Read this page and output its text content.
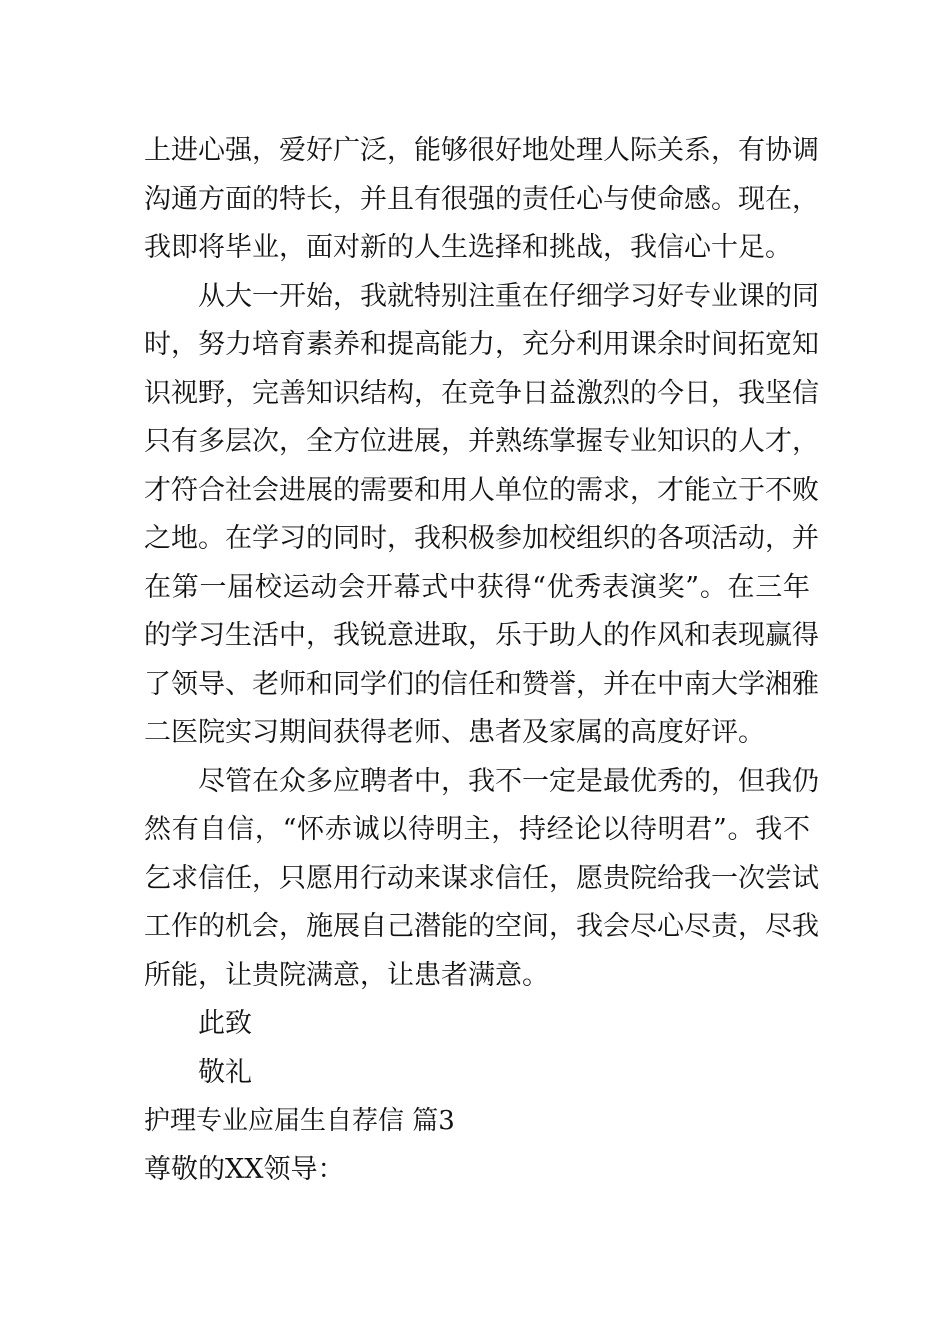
上进心强，爱好广泛，能够很好地处理人际关系，有协调
沟通方面的特长，并且有很强的责任心与使命感。现在，
我即将毕业，面对新的人生选择和挑战，我信心十足。
从大一开始，我就特别注重在仔细学习好专业课的同
时，努力培育素养和提高能力，充分利用课余时间拓宽知
识视野，完善知识结构，在竞争日益激烈的今日，我坚信
只有多层次，全方位进展，并熟练掌握专业知识的人才，
才符合社会进展的需要和用人单位的需求，才能立于不败
之地。在学习的同时，我积极参加校组织的各项活动，并
在第一届校运动会开幕式中获得“优秀表演奖”。在三年
的学习生活中，我锐意进取，乐于助人的作风和表现赢得
了领导、老师和同学们的信任和赞誉，并在中南大学湘雅
二医院实习期间获得老师、患者及家属的高度好评。
尽管在众多应聘者中，我不一定是最优秀的，但我仍
然有自信，“怀赤诚以待明主，持经论以待明君”。我不
乞求信任，只愿用行动来谋求信任，愿贵院给我一次尝试
工作的机会，施展自己潜能的空间，我会尽心尽责，尽我
所能，让贵院满意，让患者满意。
此致
敬礼
护理专业应届生自荐信 篇3
尊敬的XX领导：
